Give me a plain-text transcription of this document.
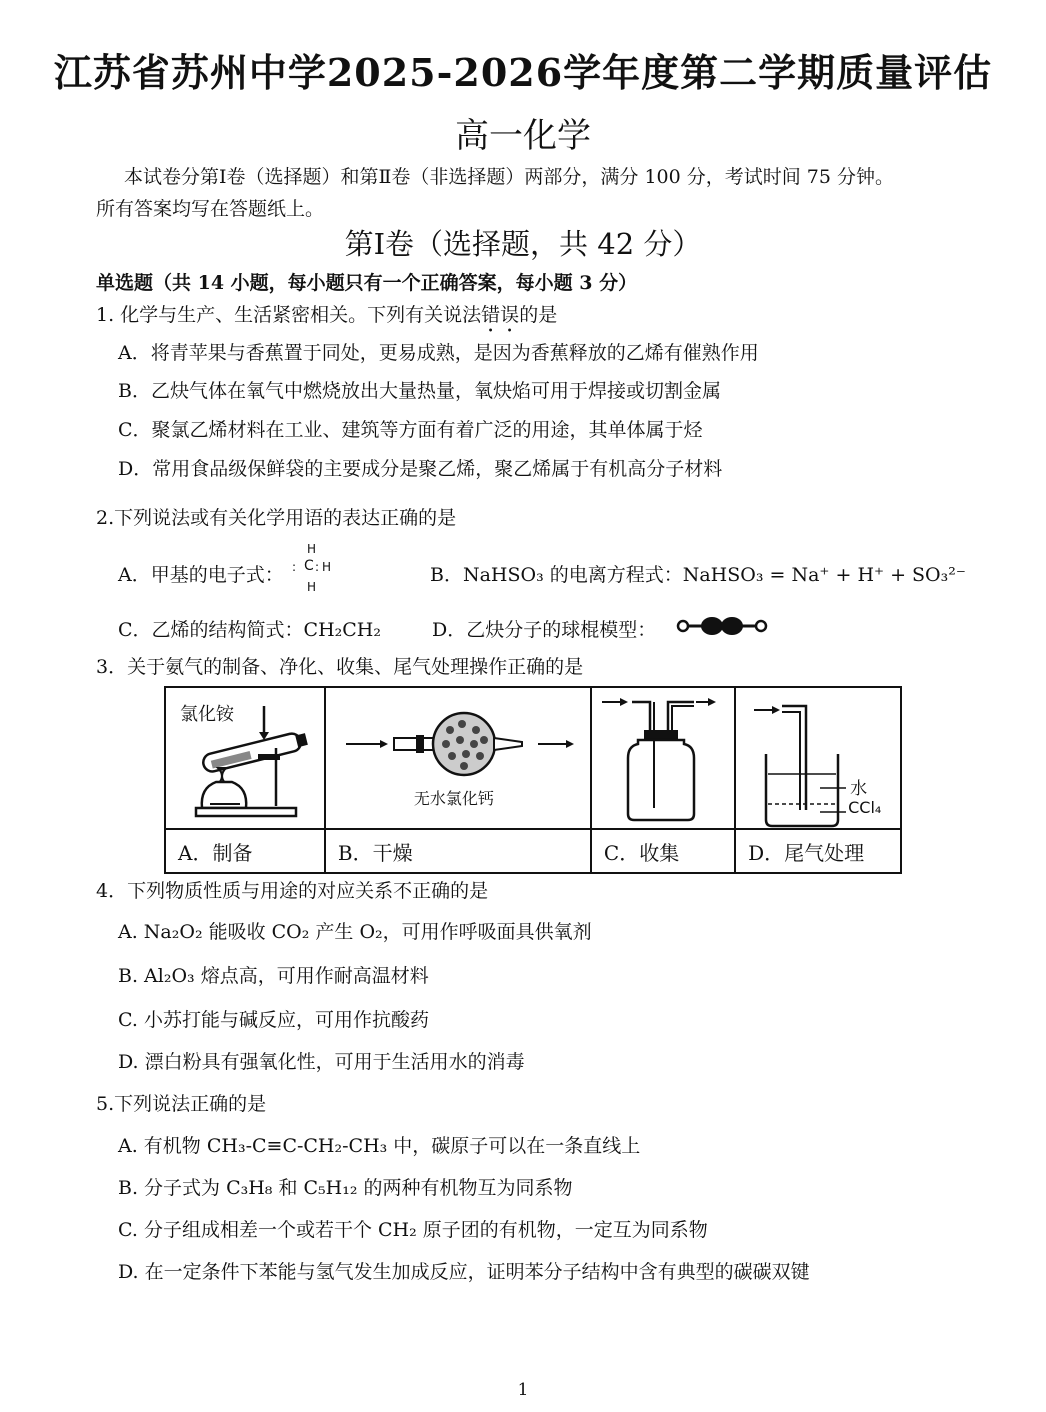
江苏省苏州中学2025-2026学年度第二学期质量评估
高一化学
本试卷分第Ⅰ卷（选择题）和第Ⅱ卷（非选择题）两部分，满分 100 分，考试时间 75 分钟。
所有答案均写在答题纸上。
第Ⅰ卷（选择题，共 42 分）
单选题（共 14 小题，每小题只有一个正确答案，每小题 3 分）
1. 化学与生产、生活紧密相关。下列有关说法错误的是
A．将青苹果与香蕉置于同处，更易成熟，是因为香蕉释放的乙烯有催熟作用
B．乙炔气体在氧气中燃烧放出大量热量，氧炔焰可用于焊接或切割金属
C．聚氯乙烯材料在工业、建筑等方面有着广泛的用途，其单体属于烃
D．常用食品级保鲜袋的主要成分是聚乙烯，聚乙烯属于有机高分子材料
2.下列说法或有关化学用语的表达正确的是
A．甲基的电子式：
H
: C : H
H
B．NaHSO₃ 的电离方程式：NaHSO₃ = Na⁺ + H⁺ + SO₃²⁻
C．乙烯的结构简式：CH₂CH₂	D．乙炔分子的球棍模型：
3．关于氨气的制备、净化、收集、尾气处理操作正确的是
氯化铵	无水氯化钙		水
CCl₄

A．制备	B．干燥	C．收集	D．尾气处理
4．下列物质性质与用途的对应关系不正确的是
A. Na₂O₂ 能吸收 CO₂ 产生 O₂，可用作呼吸面具供氧剂
B. Al₂O₃ 熔点高，可用作耐高温材料
C. 小苏打能与碱反应，可用作抗酸药
D. 漂白粉具有强氧化性，可用于生活用水的消毒
5.下列说法正确的是
A. 有机物 CH₃-C≡C-CH₂-CH₃ 中，碳原子可以在一条直线上
B. 分子式为 C₃H₈ 和 C₅H₁₂ 的两种有机物互为同系物
C. 分子组成相差一个或若干个 CH₂ 原子团的有机物，一定互为同系物
D. 在一定条件下苯能与氢气发生加成反应，证明苯分子结构中含有典型的碳碳双键
1
